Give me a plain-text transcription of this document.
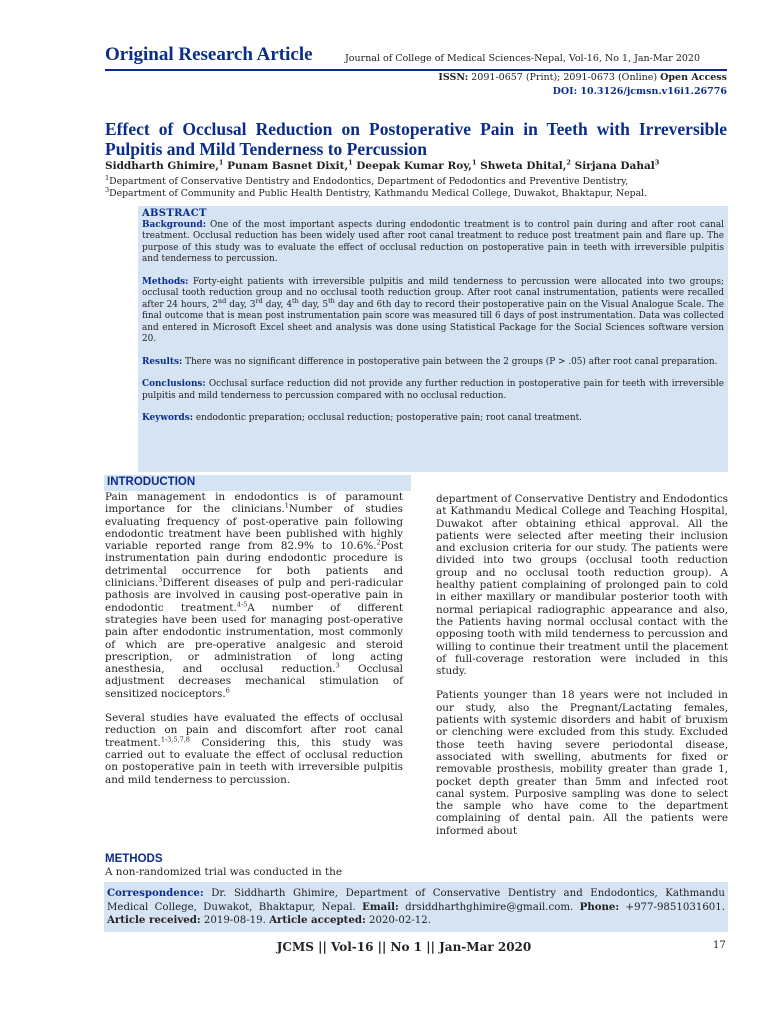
Original Research Article	Journal of College of Medical Sciences-Nepal, Vol-16, No 1, Jan-Mar 2020
ISSN: 2091-0657 (Print); 2091-0673 (Online) Open Access
DOI: 10.3126/jcmsn.v16i1.26776
Effect of Occlusal Reduction on Postoperative Pain in Teeth with Irreversible Pulpitis and Mild Tenderness to Percussion
Siddharth Ghimire,$^1$ Punam Basnet Dixit,$^1$ Deepak Kumar Roy,$^1$ Shweta Dhital,$^2$ Sirjana Dahal$^3$
$^1$Department of Conservative Dentistry and Endodontics, Department of Pedodontics and Preventive Dentistry,
$^3$Department of Community and Public Health Dentistry, Kathmandu Medical College, Duwakot, Bhaktapur, Nepal.
ABSTRACT

Background: One of the most important aspects during endodontic treatment is to control pain during and after root canal treatment. Occlusal reduction has been widely used after root canal treatment to reduce post treatment pain and flare up. The purpose of this study was to evaluate the effect of occlusal reduction on postoperative pain in teeth with irreversible pulpitis and tenderness to percussion.

Methods: Forty-eight patients with irreversible pulpitis and mild tenderness to percussion were allocated into two groups; occlusal tooth reduction group and no occlusal tooth reduction group. After root canal instrumentation, patients were recalled after 24 hours, 2nd day, 3rd day, 4th day, 5th day and 6th day to record their postoperative pain on the Visual Analogue Scale. The final outcome that is mean post instrumentation pain score was measured till 6 days of post instrumentation. Data was collected and entered in Microsoft Excel sheet and analysis was done using Statistical Package for the Social Sciences software version 20.

Results: There was no significant difference in postoperative pain between the 2 groups (P > .05) after root canal preparation.

Conclusions: Occlusal surface reduction did not provide any further reduction in postoperative pain for teeth with irreversible pulpitis and mild tenderness to percussion compared with no occlusal reduction.

Keywords: endodontic preparation; occlusal reduction; postoperative pain; root canal treatment.

INTRODUCTION

Pain management in endodontics is of paramount importance for the clinicians.$^1$Number of studies evaluating frequency of post-operative pain following endodontic treatment have been published with highly variable reported range from 82.9% to 10.6%.$^2$Post instrumentation pain during endodontic procedure is detrimental occurrence for both patients and clinicians.$^3$Different diseases of pulp and peri-radicular pathosis are involved in causing post-operative pain in endodontic treatment.$^{4-5}$A number of different strategies have been used for managing post-operative pain after endodontic instrumentation, most commonly of which are pre-operative analgesic and steroid prescription, or administration of long acting anesthesia, and occlusal reduction.$^3$ Occlusal adjustment decreases mechanical stimulation of sensitized nociceptors.$^6$

Several studies have evaluated the effects of occlusal reduction on pain and discomfort after root canal treatment.$^{1-3,5,7,8}$ Considering this, this study was carried out to evaluate the effect of occlusal reduction on postoperative pain in teeth with irreversible pulpitis and mild tenderness to percussion.

METHODS
A non-randomized trial was conducted in the

department of Conservative Dentistry and Endodontics at Kathmandu Medical College and Teaching Hospital, Duwakot after obtaining ethical approval. All the patients were selected after meeting their inclusion and exclusion criteria for our study. The patients were divided into two groups (occlusal tooth reduction group and no occlusal tooth reduction group). A healthy patient complaining of prolonged pain to cold in either maxillary or mandibular posterior tooth with normal periapical radiographic appearance and also, the Patients having normal occlusal contact with the opposing tooth with mild tenderness to percussion and willing to continue their treatment until the placement of full-coverage restoration were included in this study.

Patients younger than 18 years were not included in our study, also the Pregnant/Lactating females, patients with systemic disorders and habit of bruxism or clenching were excluded from this study. Excluded those teeth having severe periodontal disease, associated with swelling, abutments for fixed or removable prosthesis, mobility greater than grade 1, pocket depth greater than 5mm and infected root canal system. Purposive sampling was done to select the sample who have come to the department complaining of dental pain. All the patients were informed about

Correspondence: Dr. Siddharth Ghimire, Department of Conservative Dentistry and Endodontics, Kathmandu Medical College, Duwakot, Bhaktapur, Nepal. Email: drsiddharthghimire@gmail.com. Phone: +977-9851031601. Article received: 2019-08-19. Article accepted: 2020-02-12.
JCMS || Vol-16 || No 1 || Jan-Mar 2020	17
